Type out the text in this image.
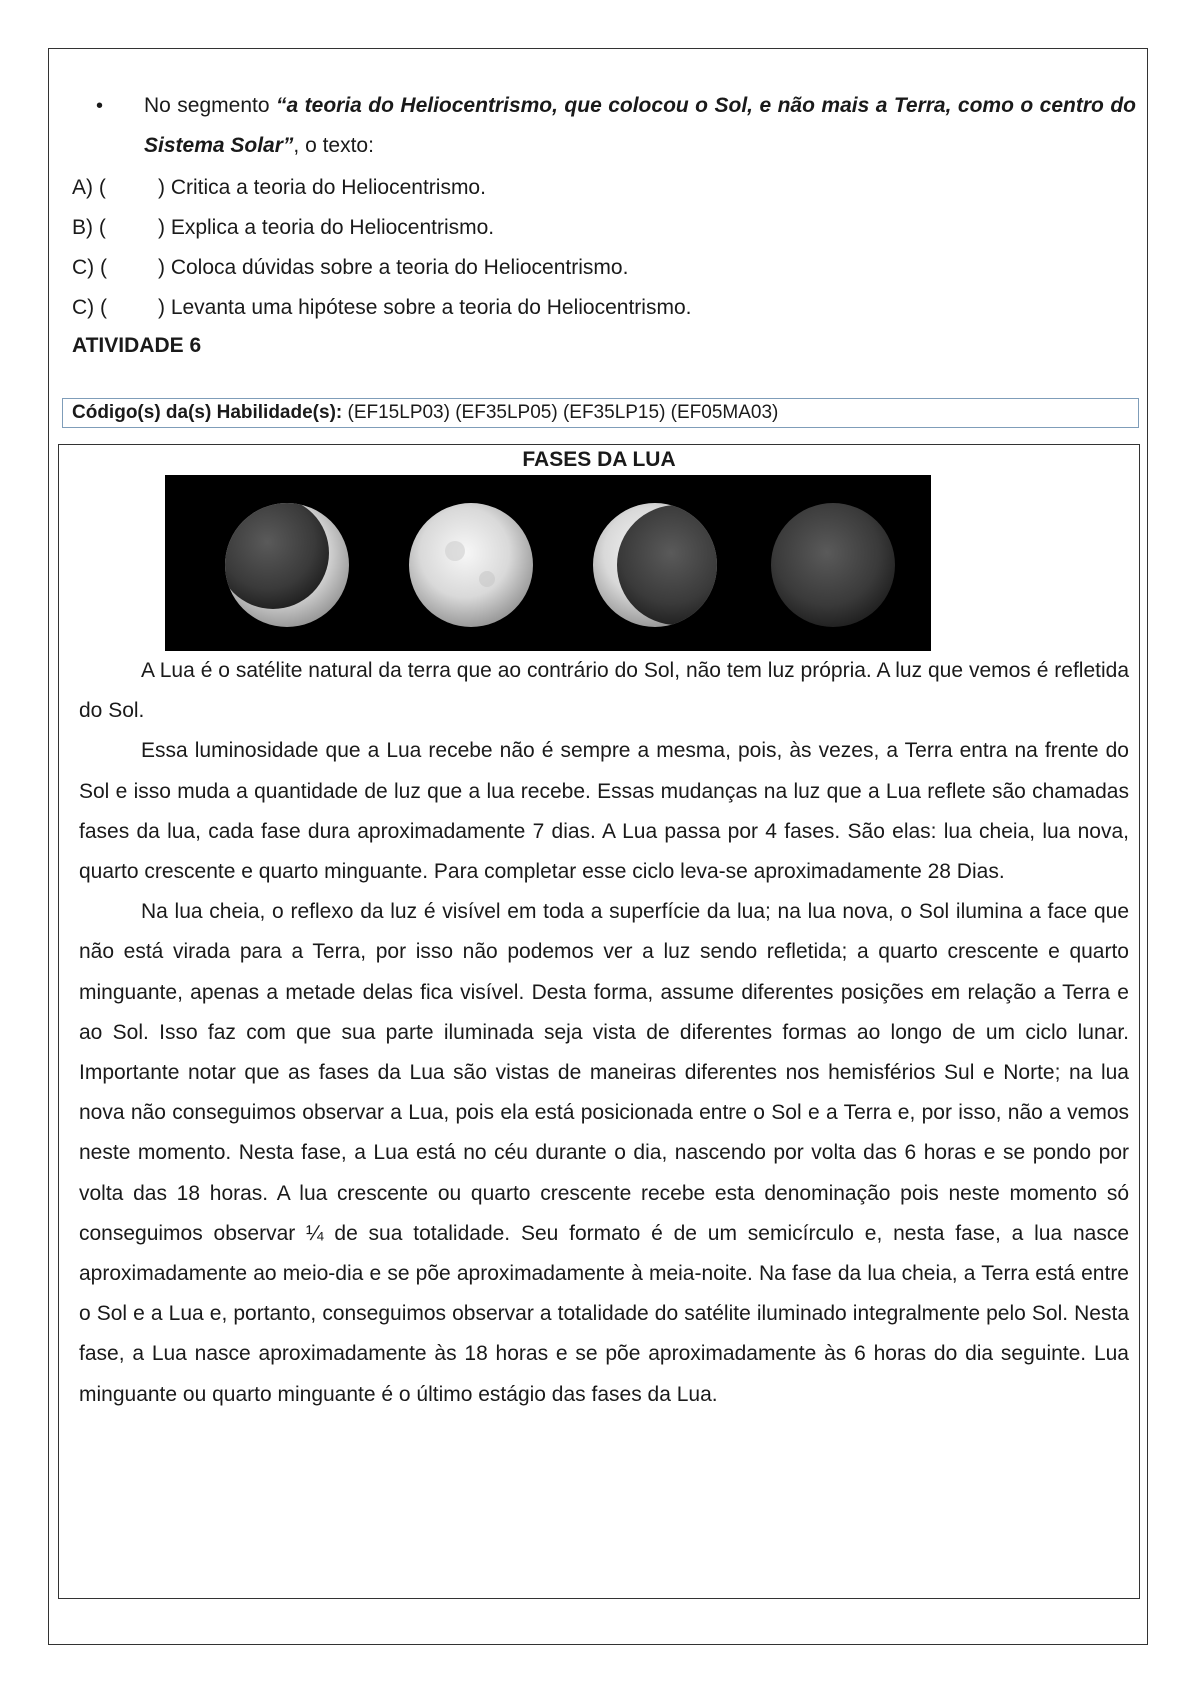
•	No segmento “a teoria do Heliocentrismo, que colocou o Sol, e não mais a Terra, como o centro do Sistema Solar”, o texto:
A) (	) Critica a teoria do Heliocentrismo.
B) (	) Explica a teoria do Heliocentrismo.
C) (	) Coloca dúvidas sobre a teoria do Heliocentrismo.
C) (	) Levanta uma hipótese sobre a teoria do Heliocentrismo.
ATIVIDADE 6
Código(s) da(s) Habilidade(s): (EF15LP03) (EF35LP05) (EF35LP15) (EF05MA03)
FASES DA LUA

A Lua é o satélite natural da terra que ao contrário do Sol, não tem luz própria. A luz que vemos é refletida do Sol.

Essa luminosidade que a Lua recebe não é sempre a mesma, pois, às vezes, a Terra entra na frente do Sol e isso muda a quantidade de luz que a lua recebe. Essas mudanças na luz que a Lua reflete são chamadas fases da lua, cada fase dura aproximadamente 7 dias. A Lua passa por 4 fases. São elas: lua cheia, lua nova, quarto crescente e quarto minguante. Para completar esse ciclo leva-se aproximadamente 28 Dias.

Na lua cheia, o reflexo da luz é visível em toda a superfície da lua; na lua nova, o Sol ilumina a face que não está virada para a Terra, por isso não podemos ver a luz sendo refletida; a quarto crescente e quarto minguante, apenas a metade delas fica visível. Desta forma, assume diferentes posições em relação a Terra e ao Sol. Isso faz com que sua parte iluminada seja vista de diferentes formas ao longo de um ciclo lunar. Importante notar que as fases da Lua são vistas de maneiras diferentes nos hemisférios Sul e Norte; na lua nova não conseguimos observar a Lua, pois ela está posicionada entre o Sol e a Terra e, por isso, não a vemos neste momento. Nesta fase, a Lua está no céu durante o dia, nascendo por volta das 6 horas e se pondo por volta das 18 horas. A lua crescente ou quarto crescente recebe esta denominação pois neste momento só conseguimos observar ¼ de sua totalidade. Seu formato é de um semicírculo e, nesta fase, a lua nasce aproximadamente ao meio-dia e se põe aproximadamente à meia-noite. Na fase da lua cheia, a Terra está entre o Sol e a Lua e, portanto, conseguimos observar a totalidade do satélite iluminado integralmente pelo Sol. Nesta fase, a Lua nasce aproximadamente às 18 horas e se põe aproximadamente às 6 horas do dia seguinte. Lua minguante ou quarto minguante é o último estágio das fases da Lua.
